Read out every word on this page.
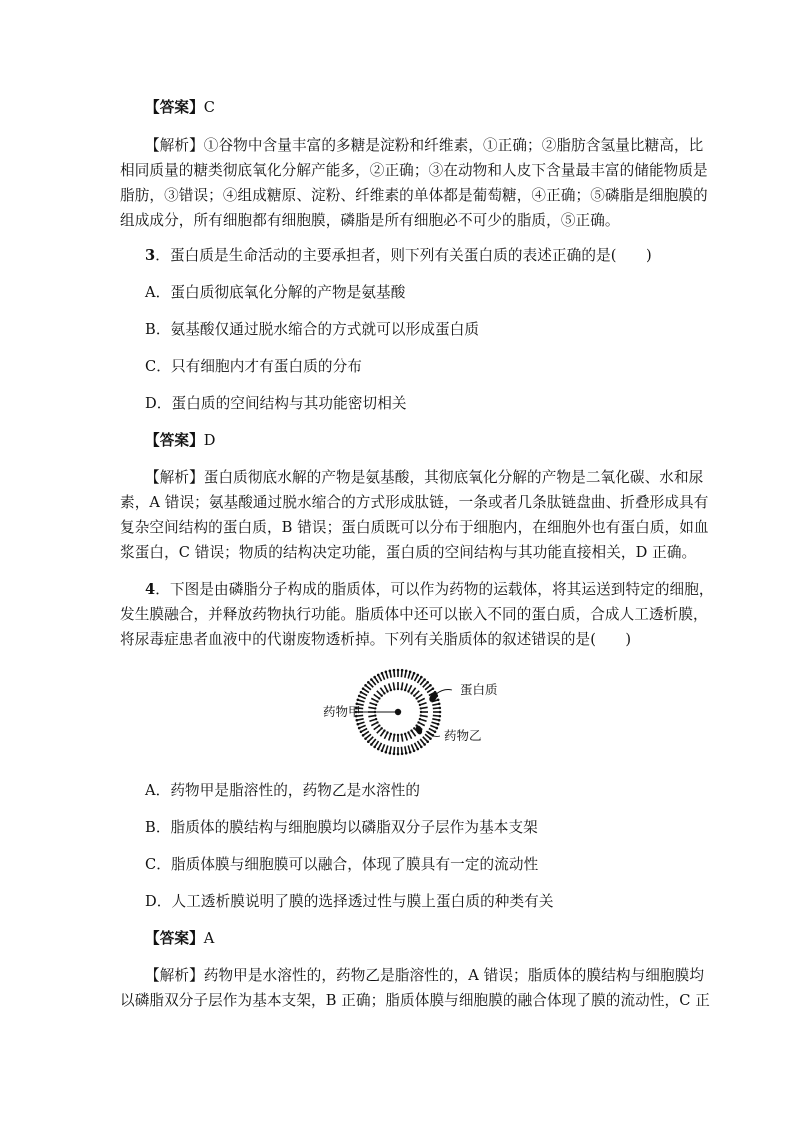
【答案】C
【解析】①谷物中含量丰富的多糖是淀粉和纤维素，①正确；②脂肪含氢量比糖高，比
相同质量的糖类彻底氧化分解产能多，②正确；③在动物和人皮下含量最丰富的储能物质是
脂肪，③错误；④组成糖原、淀粉、纤维素的单体都是葡萄糖，④正确；⑤磷脂是细胞膜的
组成成分，所有细胞都有细胞膜，磷脂是所有细胞必不可少的脂质，⑤正确。
3．蛋白质是生命活动的主要承担者，则下列有关蛋白质的表述正确的是(　　)
A．蛋白质彻底氧化分解的产物是氨基酸
B．氨基酸仅通过脱水缩合的方式就可以形成蛋白质
C．只有细胞内才有蛋白质的分布
D．蛋白质的空间结构与其功能密切相关
【答案】D
【解析】蛋白质彻底水解的产物是氨基酸，其彻底氧化分解的产物是二氧化碳、水和尿
素，A 错误；氨基酸通过脱水缩合的方式形成肽链，一条或者几条肽链盘曲、折叠形成具有
复杂空间结构的蛋白质，B 错误；蛋白质既可以分布于细胞内，在细胞外也有蛋白质，如血
浆蛋白，C 错误；物质的结构决定功能，蛋白质的空间结构与其功能直接相关，D 正确。
4．下图是由磷脂分子构成的脂质体，可以作为药物的运载体，将其运送到特定的细胞，
发生膜融合，并释放药物执行功能。脂质体中还可以嵌入不同的蛋白质，合成人工透析膜，
将尿毒症患者血液中的代谢废物透析掉。下列有关脂质体的叙述错误的是(　　)
药物甲
蛋白质
药物乙
A．药物甲是脂溶性的，药物乙是水溶性的
B．脂质体的膜结构与细胞膜均以磷脂双分子层作为基本支架
C．脂质体膜与细胞膜可以融合，体现了膜具有一定的流动性
D．人工透析膜说明了膜的选择透过性与膜上蛋白质的种类有关
【答案】A
【解析】药物甲是水溶性的，药物乙是脂溶性的，A 错误；脂质体的膜结构与细胞膜均
以磷脂双分子层作为基本支架，B 正确；脂质体膜与细胞膜的融合体现了膜的流动性，C 正
